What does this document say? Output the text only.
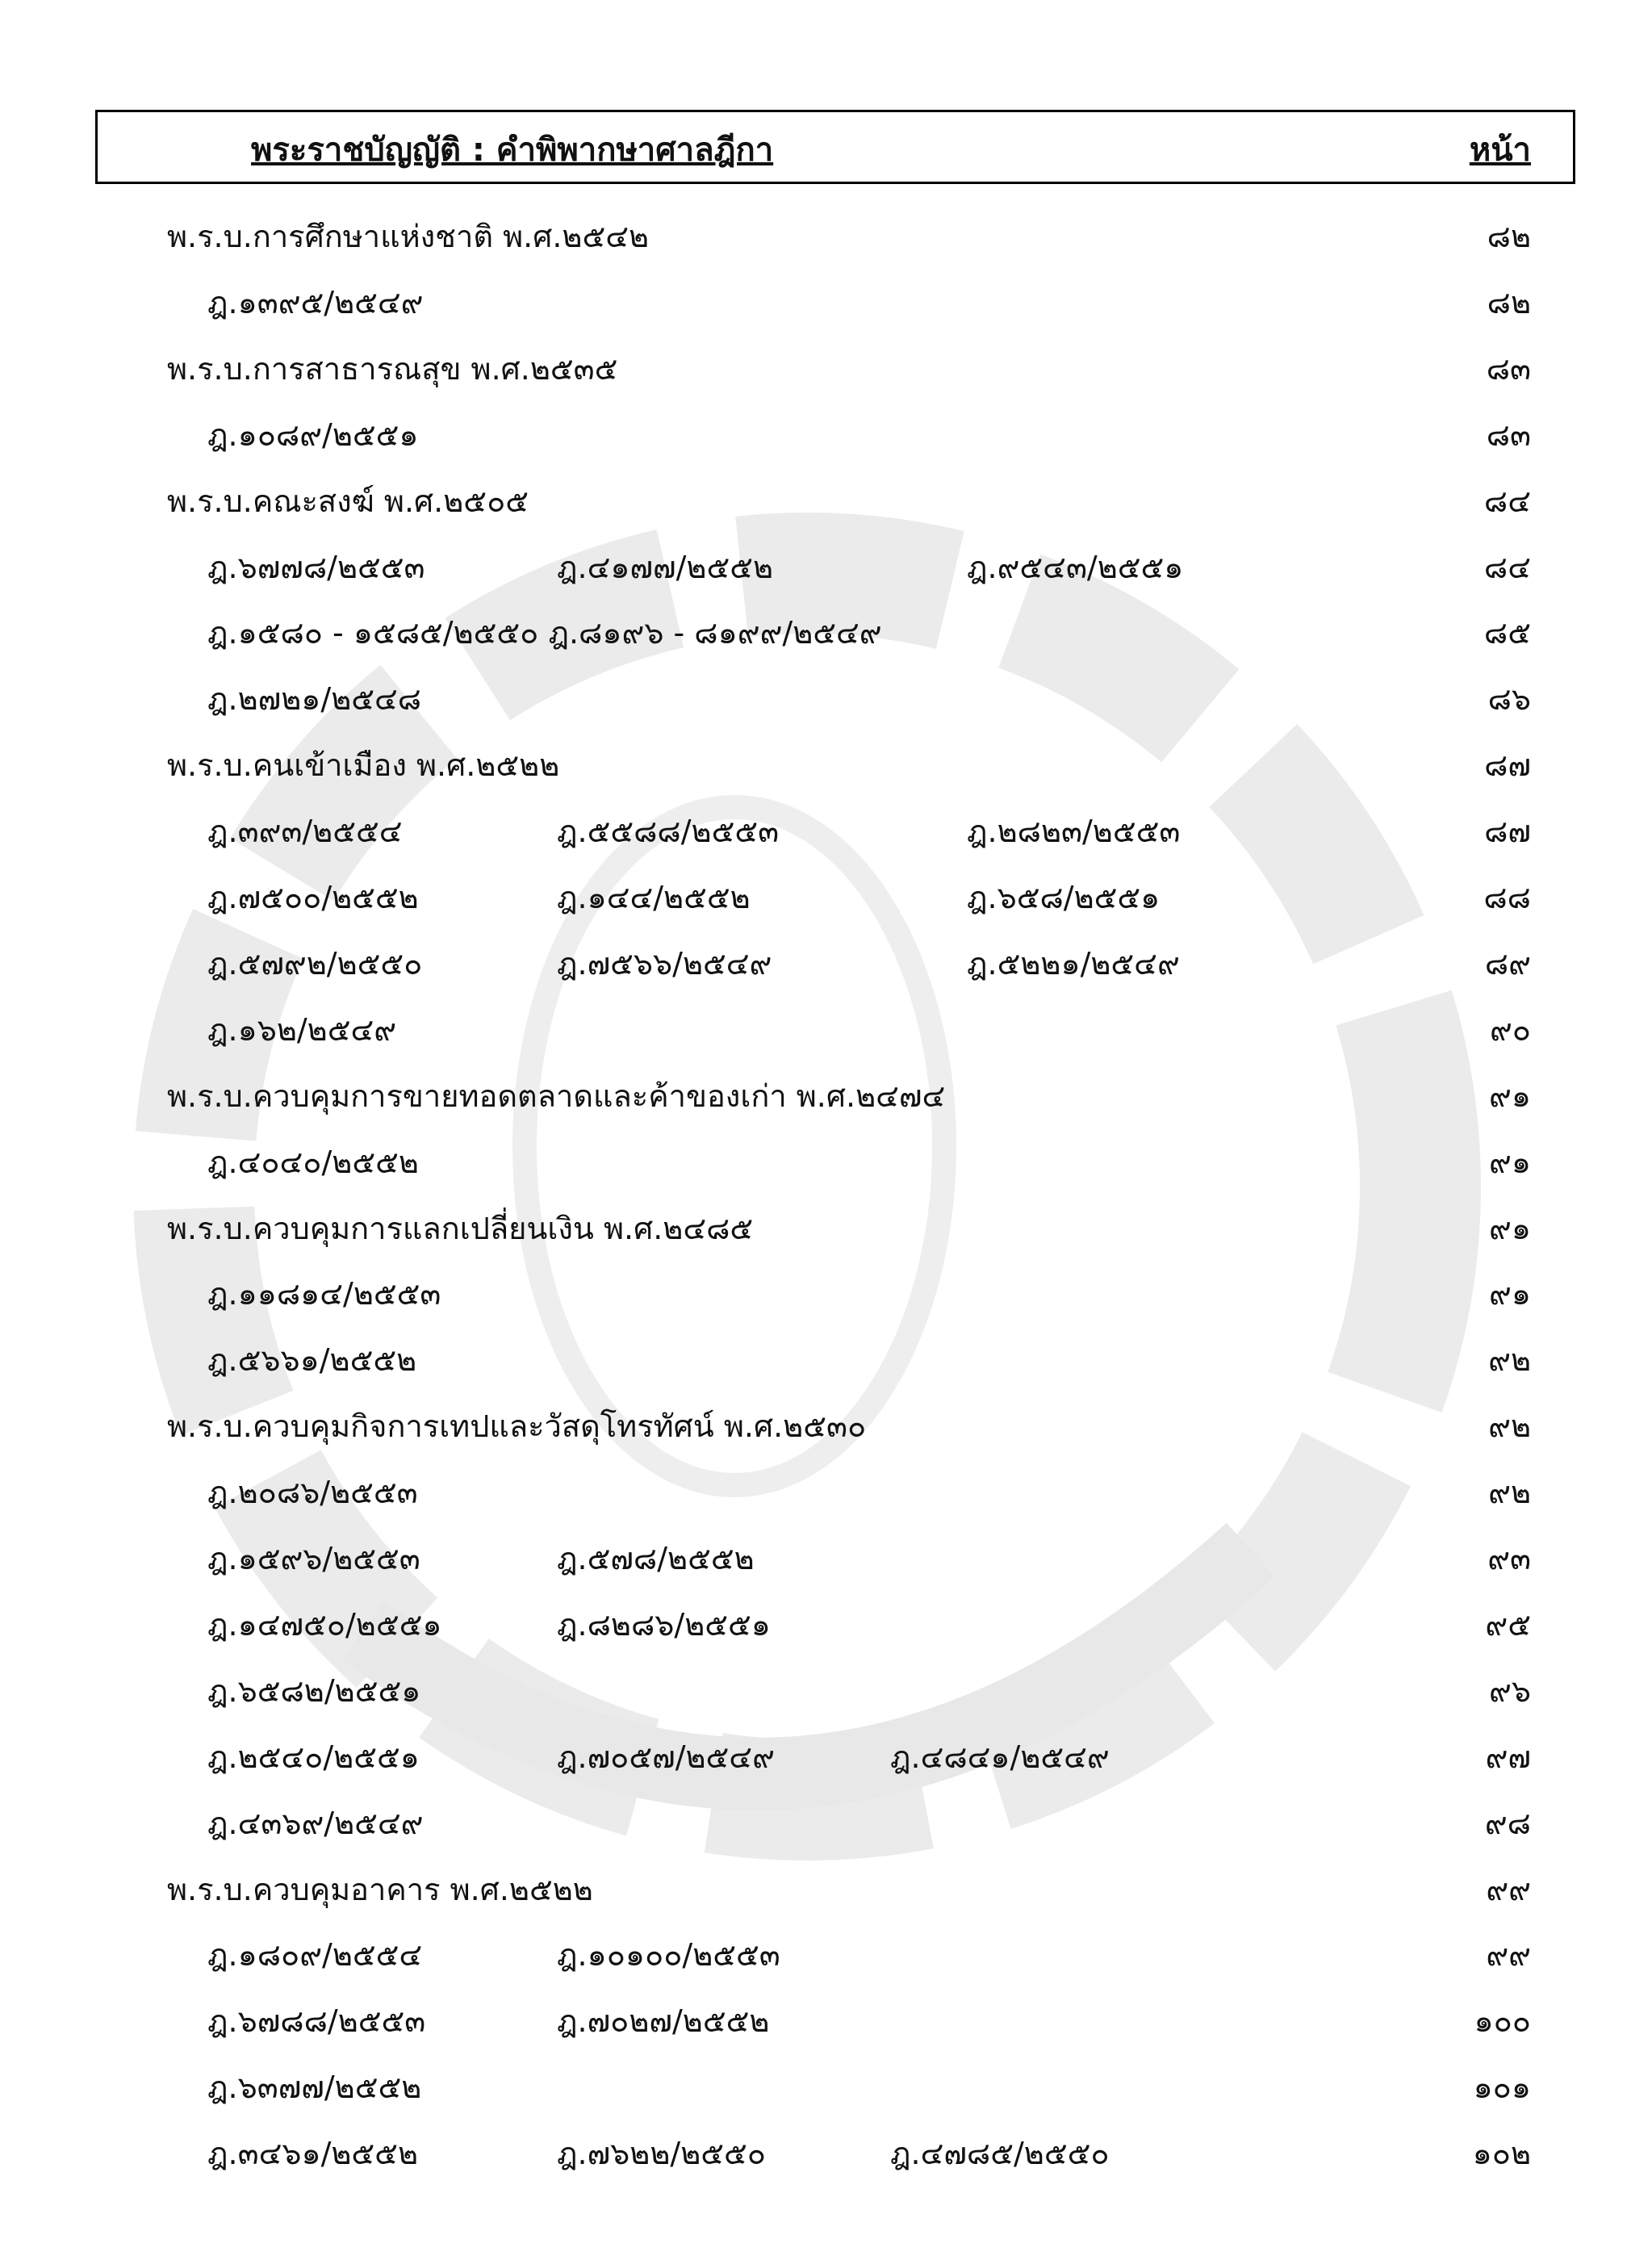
พระราชบัญญัติ : คำพิพากษาศาลฎีกา	หน้า
พ.ร.บ.การศึกษาแห่งชาติ พ.ศ.๒๕๔๒	๘๒
ฎ.๑๓๙๕/๒๕๔๙	๘๒
พ.ร.บ.การสาธารณสุข พ.ศ.๒๕๓๕	๘๓
ฎ.๑๐๘๙/๒๕๕๑	๘๓
พ.ร.บ.คณะสงฆ์ พ.ศ.๒๕๐๕	๘๔
ฎ.๖๗๗๘/๒๕๕๓	ฎ.๔๑๗๗/๒๕๕๒	ฎ.๙๕๔๓/๒๕๕๑	๘๔
ฎ.๑๕๘๐ - ๑๕๘๕/๒๕๕๐ ฎ.๘๑๙๖ - ๘๑๙๙/๒๕๔๙	๘๕
ฎ.๒๗๒๑/๒๕๔๘	๘๖
พ.ร.บ.คนเข้าเมือง พ.ศ.๒๕๒๒	๘๗
ฎ.๓๙๓/๒๕๕๔	ฎ.๕๕๘๘/๒๕๕๓	ฎ.๒๘๒๓/๒๕๕๓	๘๗
ฎ.๗๕๐๐/๒๕๕๒	ฎ.๑๔๔/๒๕๕๒	ฎ.๖๕๘/๒๕๕๑	๘๘
ฎ.๕๗๙๒/๒๕๕๐	ฎ.๗๕๖๖/๒๕๔๙	ฎ.๕๒๒๑/๒๕๔๙	๘๙
ฎ.๑๖๒/๒๕๔๙	๙๐
พ.ร.บ.ควบคุมการขายทอดตลาดและค้าของเก่า พ.ศ.๒๔๗๔	๙๑
ฎ.๔๐๔๐/๒๕๕๒	๙๑
พ.ร.บ.ควบคุมการแลกเปลี่ยนเงิน พ.ศ.๒๔๘๕	๙๑
ฎ.๑๑๘๑๔/๒๕๕๓	๙๑
ฎ.๕๖๖๑/๒๕๕๒	๙๒
พ.ร.บ.ควบคุมกิจการเทปและวัสดุโทรทัศน์ พ.ศ.๒๕๓๐	๙๒
ฎ.๒๐๘๖/๒๕๕๓	๙๒
ฎ.๑๕๙๖/๒๕๕๓	ฎ.๕๗๘/๒๕๕๒	๙๓
ฎ.๑๔๗๕๐/๒๕๕๑	ฎ.๘๒๘๖/๒๕๕๑	๙๕
ฎ.๖๕๘๒/๒๕๕๑	๙๖
ฎ.๒๕๔๐/๒๕๕๑	ฎ.๗๐๕๗/๒๕๔๙	ฎ.๔๘๔๑/๒๕๔๙	๙๗
ฎ.๔๓๖๙/๒๕๔๙	๙๘
พ.ร.บ.ควบคุมอาคาร พ.ศ.๒๕๒๒	๙๙
ฎ.๑๘๐๙/๒๕๕๔	ฎ.๑๐๑๐๐/๒๕๕๓	๙๙
ฎ.๖๗๘๘/๒๕๕๓	ฎ.๗๐๒๗/๒๕๕๒	๑๐๐
ฎ.๖๓๗๗/๒๕๕๒	๑๐๑
ฎ.๓๔๖๑/๒๕๕๒	ฎ.๗๖๒๒/๒๕๕๐	ฎ.๔๗๘๕/๒๕๕๐	๑๐๒
